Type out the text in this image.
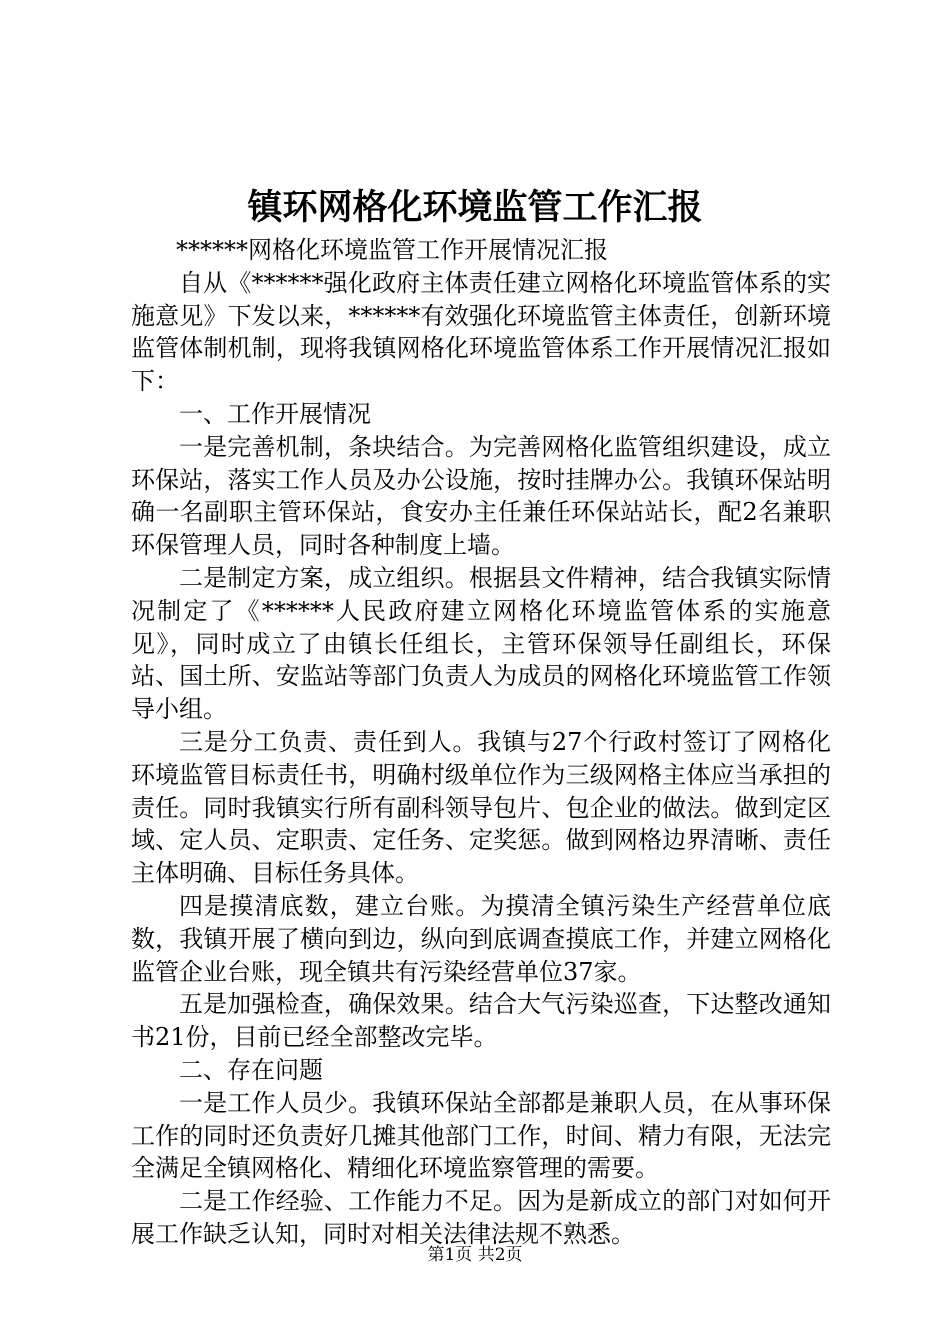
镇环网格化环境监管工作汇报

******网格化环境监管工作开展情况汇报

自从《******强化政府主体责任建立网格化环境监管体系的实施意见》下发以来，******有效强化环境监管主体责任，创新环境监管体制机制，现将我镇网格化环境监管体系工作开展情况汇报如下：

一、工作开展情况

一是完善机制，条块结合。为完善网格化监管组织建设，成立环保站，落实工作人员及办公设施，按时挂牌办公。我镇环保站明确一名副职主管环保站，食安办主任兼任环保站站长，配2名兼职环保管理人员，同时各种制度上墙。

二是制定方案，成立组织。根据县文件精神，结合我镇实际情况制定了《******人民政府建立网格化环境监管体系的实施意见》，同时成立了由镇长任组长，主管环保领导任副组长，环保站、国土所、安监站等部门负责人为成员的网格化环境监管工作领导小组。

三是分工负责、责任到人。我镇与27个行政村签订了网格化环境监管目标责任书，明确村级单位作为三级网格主体应当承担的责任。同时我镇实行所有副科领导包片、包企业的做法。做到定区域、定人员、定职责、定任务、定奖惩。做到网格边界清晰、责任主体明确、目标任务具体。

四是摸清底数，建立台账。为摸清全镇污染生产经营单位底数，我镇开展了横向到边，纵向到底调查摸底工作，并建立网格化监管企业台账，现全镇共有污染经营单位37家。

五是加强检查，确保效果。结合大气污染巡查，下达整改通知书21份，目前已经全部整改完毕。

二、存在问题

一是工作人员少。我镇环保站全部都是兼职人员，在从事环保工作的同时还负责好几摊其他部门工作，时间、精力有限，无法完全满足全镇网格化、精细化环境监察管理的需要。

二是工作经验、工作能力不足。因为是新成立的部门对如何开展工作缺乏认知，同时对相关法律法规不熟悉。

第1页 共2页
